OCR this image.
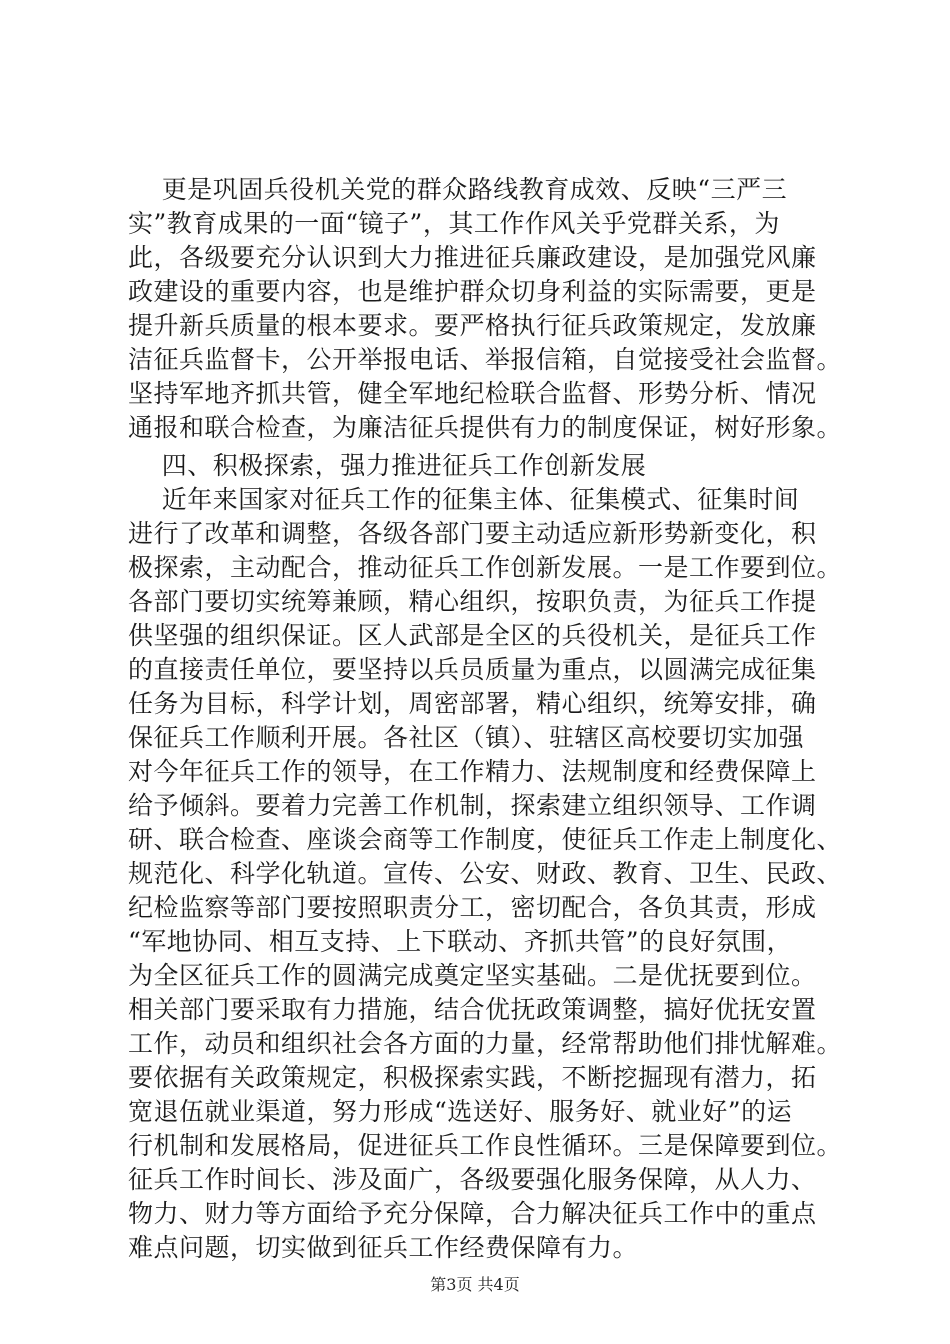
更是巩固兵役机关党的群众路线教育成效、反映“三严三
实”教育成果的一面“镜子”，其工作作风关乎党群关系，为
此，各级要充分认识到大力推进征兵廉政建设，是加强党风廉
政建设的重要内容，也是维护群众切身利益的实际需要，更是
提升新兵质量的根本要求。要严格执行征兵政策规定，发放廉
洁征兵监督卡，公开举报电话、举报信箱，自觉接受社会监督。
坚持军地齐抓共管，健全军地纪检联合监督、形势分析、情况
通报和联合检查，为廉洁征兵提供有力的制度保证，树好形象。
四、积极探索，强力推进征兵工作创新发展
近年来国家对征兵工作的征集主体、征集模式、征集时间
进行了改革和调整，各级各部门要主动适应新形势新变化，积
极探索，主动配合，推动征兵工作创新发展。一是工作要到位。
各部门要切实统筹兼顾，精心组织，按职负责，为征兵工作提
供坚强的组织保证。区人武部是全区的兵役机关，是征兵工作
的直接责任单位，要坚持以兵员质量为重点，以圆满完成征集
任务为目标，科学计划，周密部署，精心组织，统筹安排，确
保征兵工作顺利开展。各社区（镇）、驻辖区高校要切实加强
对今年征兵工作的领导，在工作精力、法规制度和经费保障上
给予倾斜。要着力完善工作机制，探索建立组织领导、工作调
研、联合检查、座谈会商等工作制度，使征兵工作走上制度化、
规范化、科学化轨道。宣传、公安、财政、教育、卫生、民政、
纪检监察等部门要按照职责分工，密切配合，各负其责，形成
“军地协同、相互支持、上下联动、齐抓共管”的良好氛围，
为全区征兵工作的圆满完成奠定坚实基础。二是优抚要到位。
相关部门要采取有力措施，结合优抚政策调整，搞好优抚安置
工作，动员和组织社会各方面的力量，经常帮助他们排忧解难。
要依据有关政策规定，积极探索实践，不断挖掘现有潜力，拓
宽退伍就业渠道，努力形成“选送好、服务好、就业好”的运
行机制和发展格局，促进征兵工作良性循环。三是保障要到位。
征兵工作时间长、涉及面广，各级要强化服务保障，从人力、
物力、财力等方面给予充分保障，合力解决征兵工作中的重点
难点问题，切实做到征兵工作经费保障有力。
第3页 共4页
